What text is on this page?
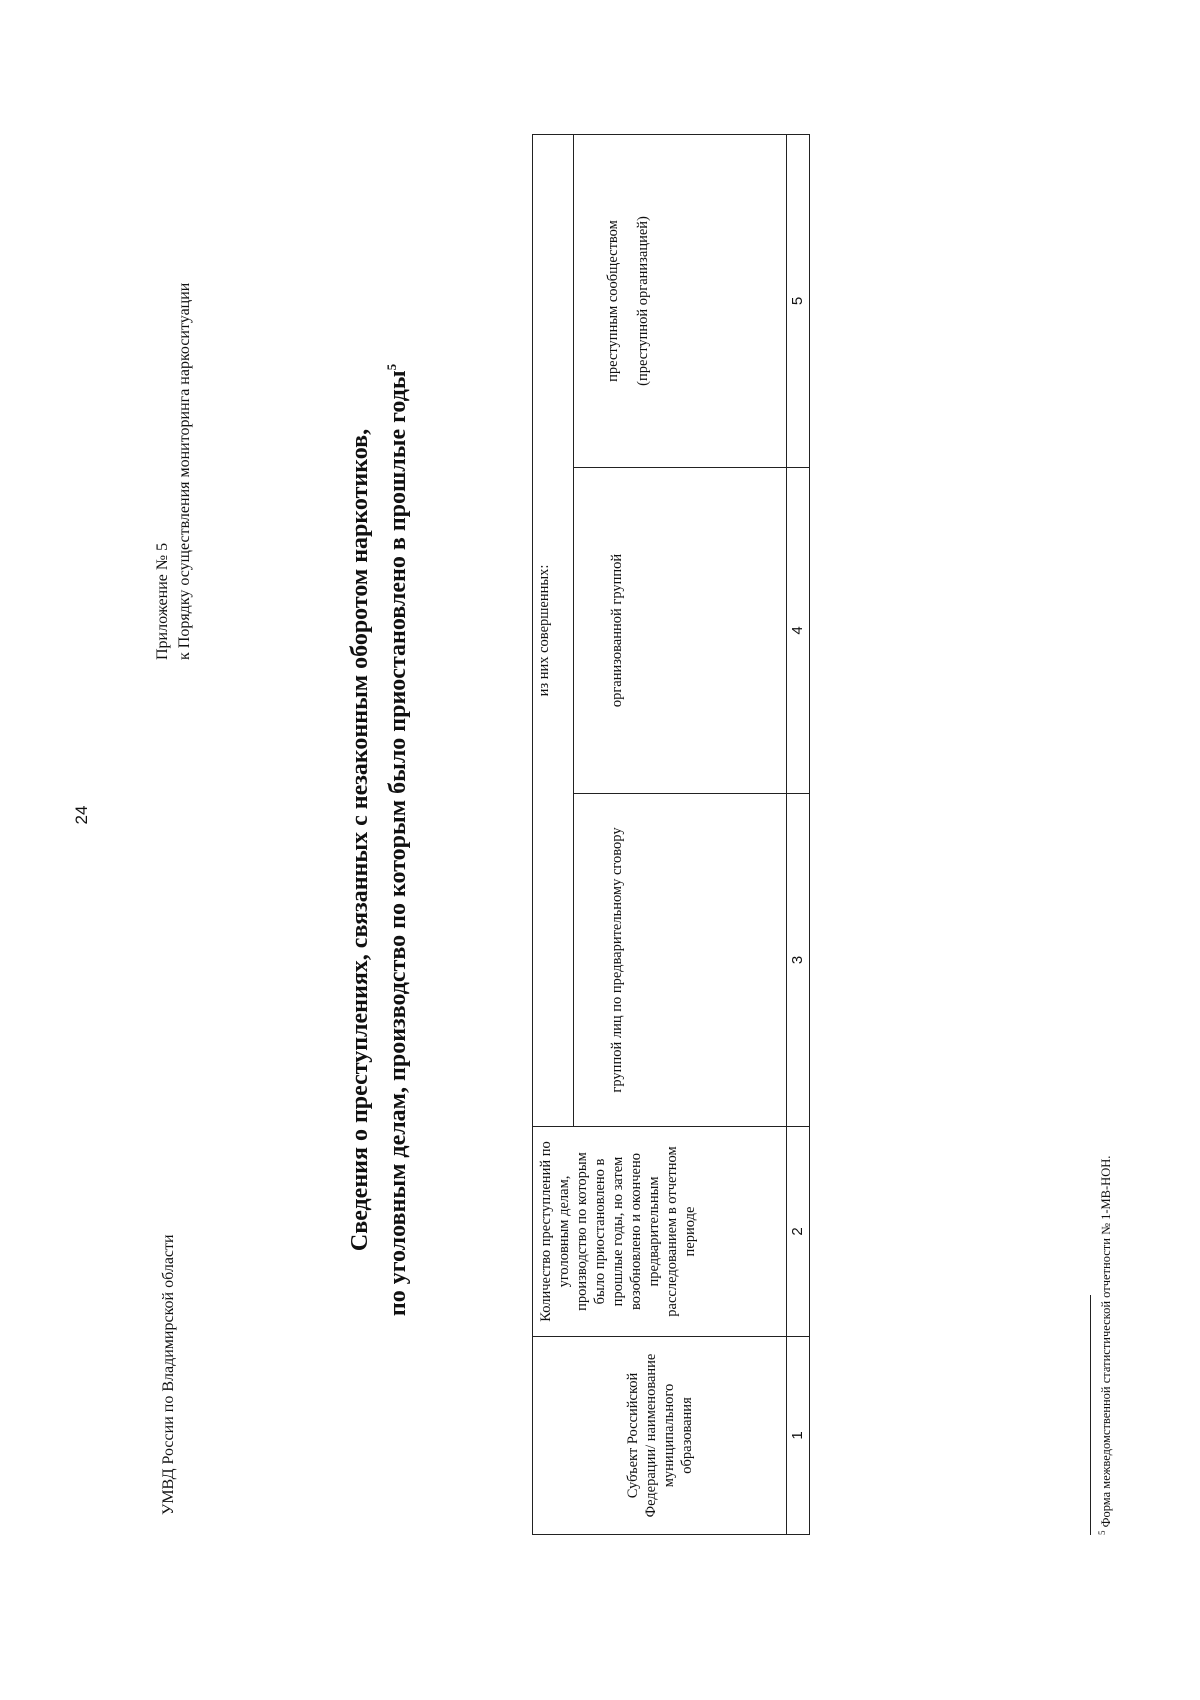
24
УМВД России по Владимирской области
Приложение № 5 к Порядку осуществления мониторинга наркоситуации	Сведения о преступлениях, связанных с незаконным оборотом наркотиков, по уголовным делам, производство по которым было приостановлено в прошлые годы$^5$
Субъект Российской Федерации/ наименование муниципального образования	Количество преступлений по уголовным делам, производство по которым было приостановлено в прошлые годы, но затем возобновлено и окончено предварительным расследованием в отчетном периоде	из них совершенных:		
		группой лиц по предварительному сговору	организованной группой	преступным сообществом (преступной организацией)

1	2	3	4	5
$^5$ Форма межведомственной статистической отчетности № 1-МВ-НОН.
